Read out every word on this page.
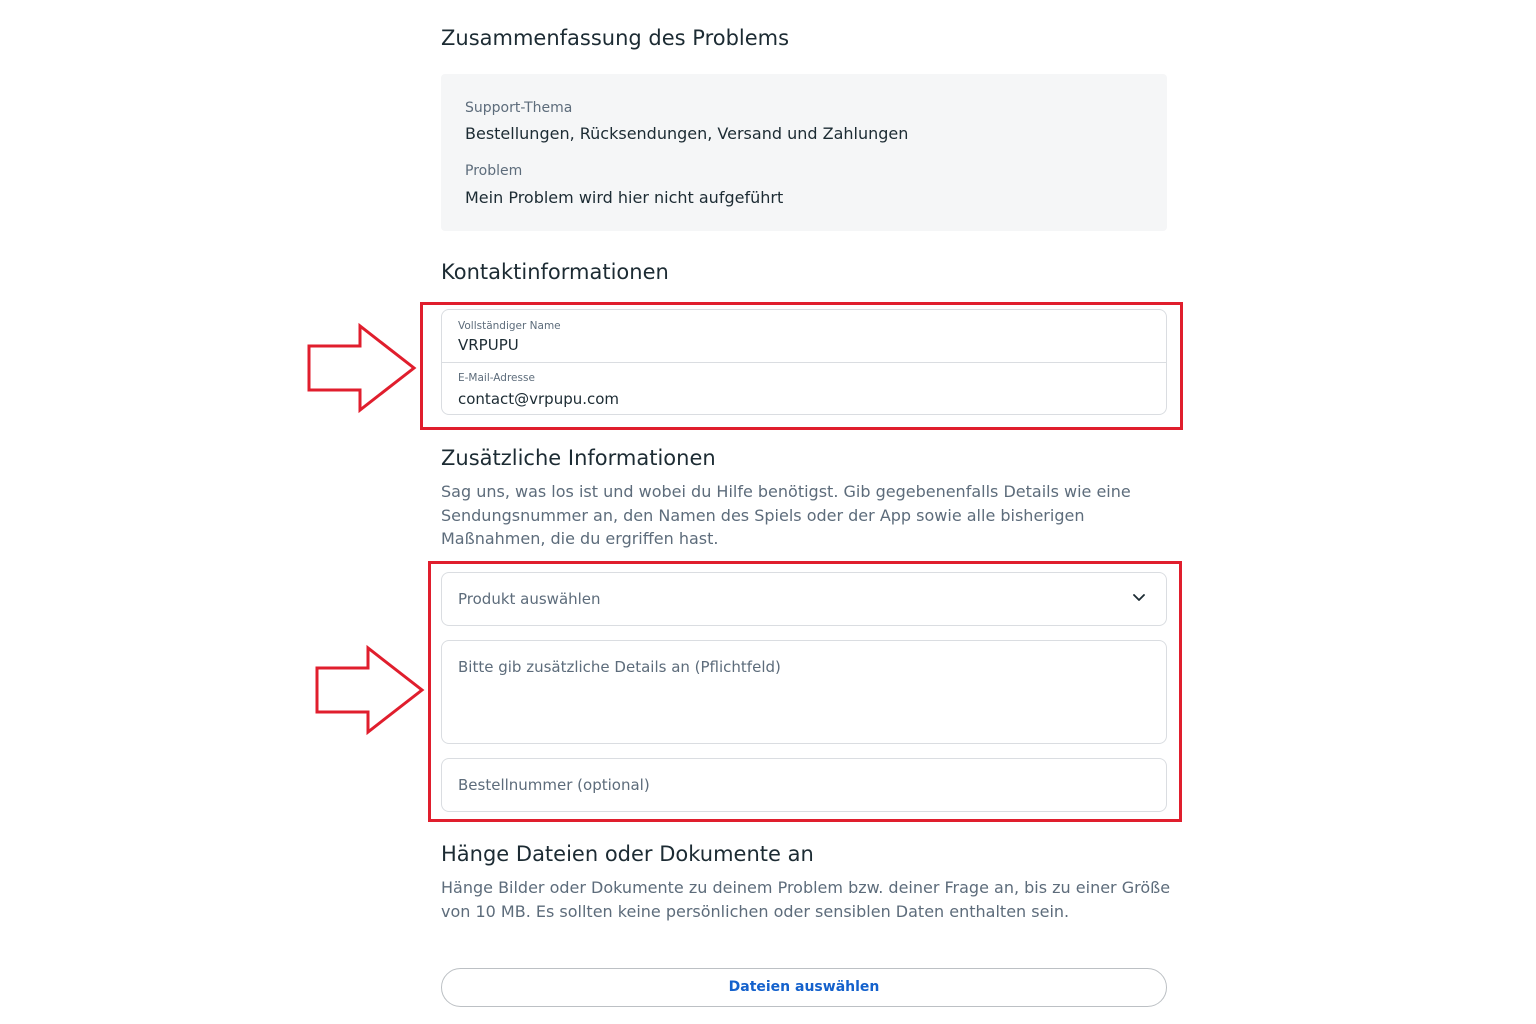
Zusammenfassung des Problems
Support-Thema
Bestellungen, Rücksendungen, Versand und Zahlungen
Problem
Mein Problem wird hier nicht aufgeführt
Kontaktinformationen
Vollständiger Name
VRPUPU
E-Mail-Adresse
contact@vrpupu.com
Zusätzliche Informationen

Sag uns, was los ist und wobei du Hilfe benötigst. Gib gegebenenfalls Details wie eine Sendungsnummer an, den Namen des Spiels oder der App sowie alle bisherigen Maßnahmen, die du ergriffen hast.

Produkt auswählen
Bitte gib zusätzliche Details an (Pflichtfeld)
Bestellnummer (optional)
Hänge Dateien oder Dokumente an

Hänge Bilder oder Dokumente zu deinem Problem bzw. deiner Frage an, bis zu einer Größe von 10 MB. Es sollten keine persönlichen oder sensiblen Daten enthalten sein.

Dateien auswählen
